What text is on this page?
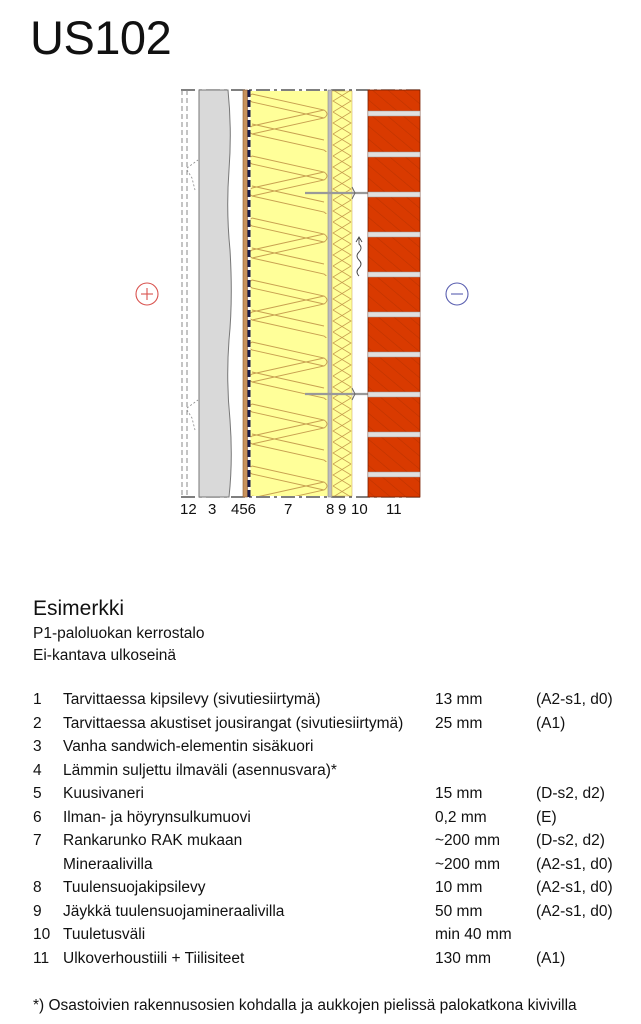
US102
12 3 456 7 8 9 10 11
Esimerkki
P1-paloluokan kerrostalo
Ei-kantava ulkoseinä
1 Tarvittaessa kipsilevy (sivutiesiirtymä)	13 mm	(A2-s1, d0)
2 Tarvittaessa akustiset jousirangat (sivutiesiirtymä) 25 mm	(A1)
3 Vanha sandwich-elementin sisäkuori
4 Lämmin suljettu ilmaväli (asennusvara)*
5 Kuusivaneri	15 mm	(D-s2, d2)
6 Ilman- ja höyrynsulkumuovi	0,2 mm	(E)
7 Rankarunko RAK mukaan	~200 mm (D-s2, d2)
Mineraalivilla	~200 mm (A2-s1, d0)
8 Tuulensuojakipsilevy	10 mm	(A2-s1, d0)
9 Jäykkä tuulensuojamineraalivilla	50 mm	(A2-s1, d0)
10 Tuuletusväli	min 40 mm
11 Ulkoverhoustiili + Tiilisiteet	130 mm	(A1)
*) Osastoivien rakennusosien kohdalla ja aukkojen pielissä palokatkona kivivilla
